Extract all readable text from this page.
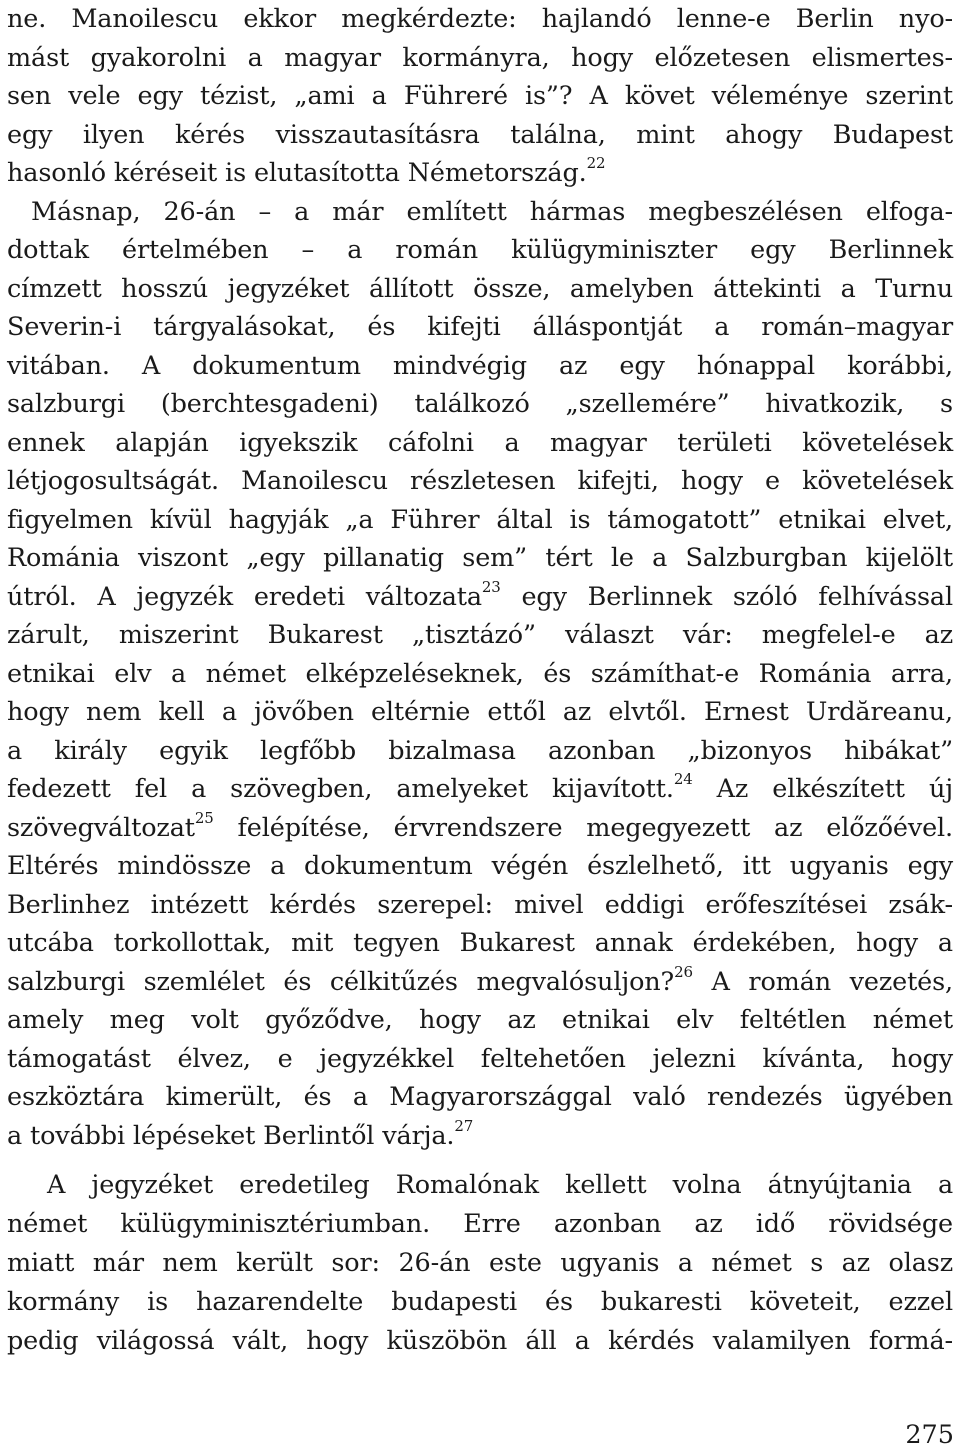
ne. Manoilescu ekkor megkérdezte: hajlandó lenne-e Berlin nyo-
mást gyakorolni a magyar kormányra, hogy előzetesen elismertes-
sen vele egy tézist, „ami a Führeré is”? A követ véleménye szerint
egy ilyen kérés visszautasításra találna, mint ahogy Budapest
hasonló kéréseit is elutasította Németország.$^{22}$
Másnap, 26-án – a már említett hármas megbeszélésen elfoga-
dottak értelmében – a román külügyminiszter egy Berlinnek
címzett hosszú jegyzéket állított össze, amelyben áttekinti a Turnu
Severin-i tárgyalásokat, és kifejti álláspontját a román–magyar
vitában. A dokumentum mindvégig az egy hónappal korábbi,
salzburgi (berchtesgadeni) találkozó „szellemére” hivatkozik, s
ennek alapján igyekszik cáfolni a magyar területi követelések
létjogosultságát. Manoilescu részletesen kifejti, hogy e követelések
figyelmen kívül hagyják „a Führer által is támogatott” etnikai elvet,
Románia viszont „egy pillanatig sem” tért le a Salzburgban kijelölt
útról. A jegyzék eredeti változata$^{23}$ egy Berlinnek szóló felhívással
zárult, miszerint Bukarest „tisztázó” választ vár: megfelel-e az
etnikai elv a német elképzeléseknek, és számíthat-e Románia arra,
hogy nem kell a jövőben eltérnie ettől az elvtől. Ernest Urdăreanu,
a király egyik legfőbb bizalmasa azonban „bizonyos hibákat”
fedezett fel a szövegben, amelyeket kijavított.$^{24}$ Az elkészített új
szövegváltozat$^{25}$ felépítése, érvrendszere megegyezett az előzőével.
Eltérés mindössze a dokumentum végén észlelhető, itt ugyanis egy
Berlinhez intézett kérdés szerepel: mivel eddigi erőfeszítései zsák-
utcába torkollottak, mit tegyen Bukarest annak érdekében, hogy a
salzburgi szemlélet és célkitűzés megvalósuljon?$^{26}$ A román vezetés,
amely meg volt győződve, hogy az etnikai elv feltétlen német
támogatást élvez, e jegyzékkel feltehetően jelezni kívánta, hogy
eszköztára kimerült, és a Magyarországgal való rendezés ügyében
a további lépéseket Berlintől várja.$^{27}$
A jegyzéket eredetileg Romalónak kellett volna átnyújtania a
német külügyminisztériumban. Erre azonban az idő rövidsége
miatt már nem került sor: 26-án este ugyanis a német s az olasz
kormány is hazarendelte budapesti és bukaresti követeit, ezzel
pedig világossá vált, hogy küszöbön áll a kérdés valamilyen formá-
275
